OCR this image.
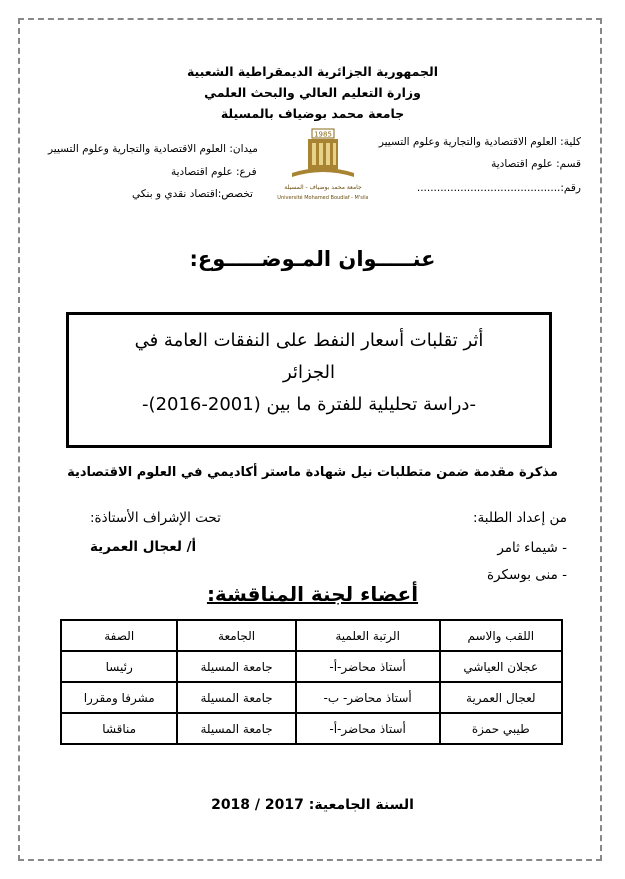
الجمهورية الجزائرية الديمقراطية الشعبية
وزارة التعليم العالي والبحث العلمي
جامعة محمد بوضياف بالمسيلة
كلية: العلوم الاقتصادية والتجارية وعلوم التسيير
قسم: علوم اقتصادية
رقم:...........................................
ميدان: العلوم الاقتصادية والتجارية وعلوم التسيير
فرع: علوم اقتصادية
تخصص:اقتصاد نقدي و بنكي
1985
جامعة محمد بوضياف - المسيلة
Université Mohamed Boudiaf - M'sila
عنـــــوان المـوضـــــوع:
أثر تقلبات أسعار النفط على النفقات العامة في
الجزائر
-دراسة تحليلية للفترة ما بين (2001-2016)-
مذكرة مقدمة ضمن متطلبات نيل شهادة ماستر أكاديمي في العلوم الاقتصادية
من إعداد الطلبة:
- شيماء ثامر
- منى بوسكرة
تحت الإشراف الأستاذة:
أ/ لعجال العمرية
أعضاء لجنة المناقشة:
اللقب والاسم	الرتبة العلمية	الجامعة	الصفة
عجلان العياشي	أستاذ محاضر-أ-	جامعة المسيلة	رئيسا
لعجال العمرية	أستاذ محاضر- ب-	جامعة المسيلة	مشرفا ومقررا
طيبي حمزة	أستاذ محاضر-أ-	جامعة المسيلة	مناقشا
السنة الجامعية: 2017 / 2018
